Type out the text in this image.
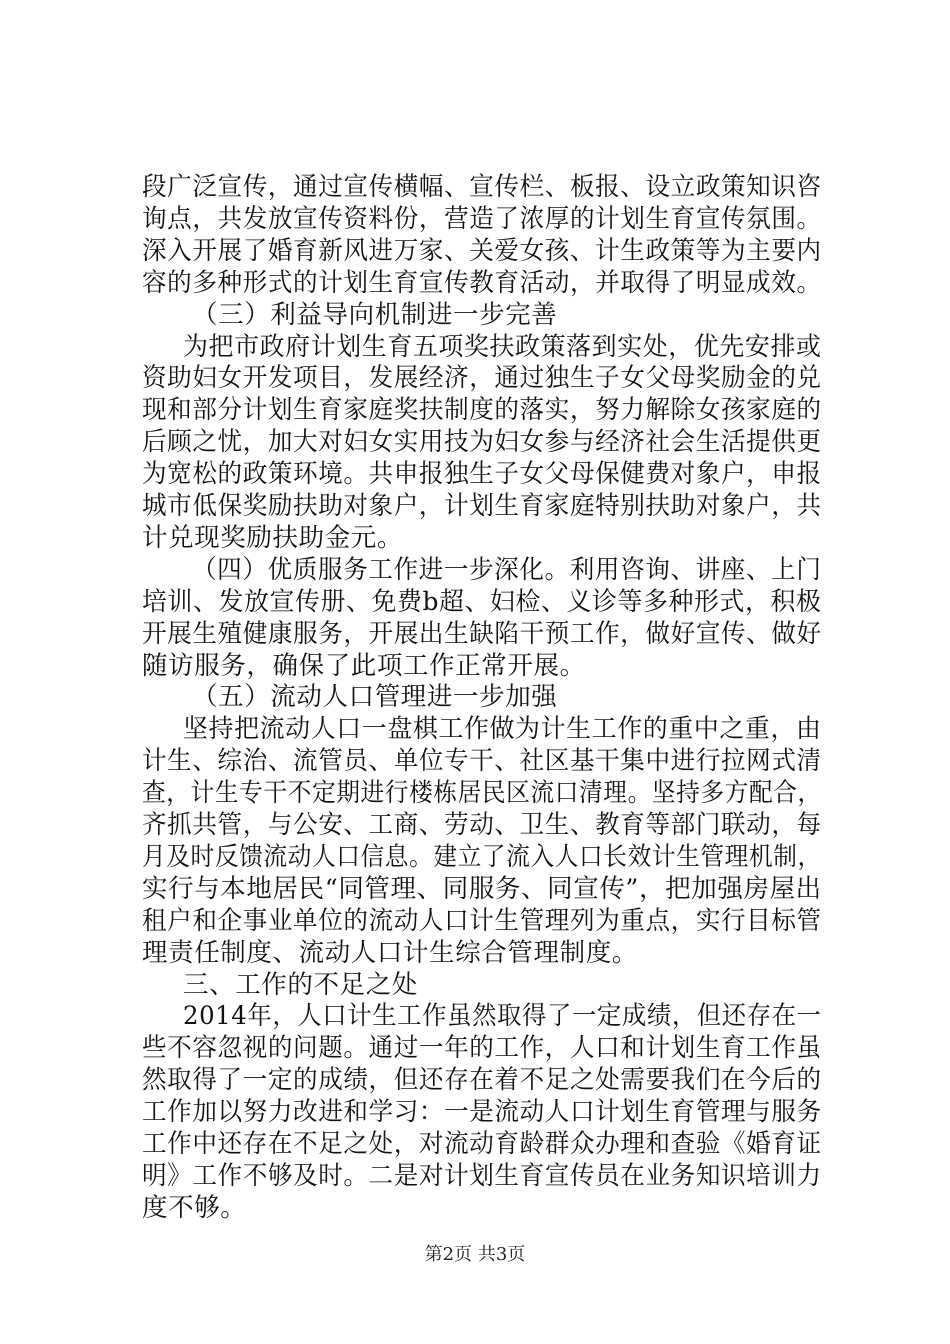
段广泛宣传，通过宣传横幅、宣传栏、板报、设立政策知识咨
询点，共发放宣传资料份，营造了浓厚的计划生育宣传氛围。
深入开展了婚育新风进万家、关爱女孩、计生政策等为主要内
容的多种形式的计划生育宣传教育活动，并取得了明显成效。
（三）利益导向机制进一步完善
为把市政府计划生育五项奖扶政策落到实处，优先安排或
资助妇女开发项目，发展经济，通过独生子女父母奖励金的兑
现和部分计划生育家庭奖扶制度的落实，努力解除女孩家庭的
后顾之忧，加大对妇女实用技为妇女参与经济社会生活提供更
为宽松的政策环境。共申报独生子女父母保健费对象户，申报
城市低保奖励扶助对象户，计划生育家庭特别扶助对象户，共
计兑现奖励扶助金元。
（四）优质服务工作进一步深化。利用咨询、讲座、上门
培训、发放宣传册、免费b超、妇检、义诊等多种形式，积极
开展生殖健康服务，开展出生缺陷干预工作，做好宣传、做好
随访服务，确保了此项工作正常开展。
（五）流动人口管理进一步加强
坚持把流动人口一盘棋工作做为计生工作的重中之重，由
计生、综治、流管员、单位专干、社区基干集中进行拉网式清
查，计生专干不定期进行楼栋居民区流口清理。坚持多方配合，
齐抓共管，与公安、工商、劳动、卫生、教育等部门联动，每
月及时反馈流动人口信息。建立了流入人口长效计生管理机制，
实行与本地居民“同管理、同服务、同宣传”，把加强房屋出
租户和企事业单位的流动人口计生管理列为重点，实行目标管
理责任制度、流动人口计生综合管理制度。
三、工作的不足之处
2014年，人口计生工作虽然取得了一定成绩，但还存在一
些不容忽视的问题。通过一年的工作，人口和计划生育工作虽
然取得了一定的成绩，但还存在着不足之处需要我们在今后的
工作加以努力改进和学习：一是流动人口计划生育管理与服务
工作中还存在不足之处，对流动育龄群众办理和查验《婚育证
明》工作不够及时。二是对计划生育宣传员在业务知识培训力
度不够。
第2页 共3页
